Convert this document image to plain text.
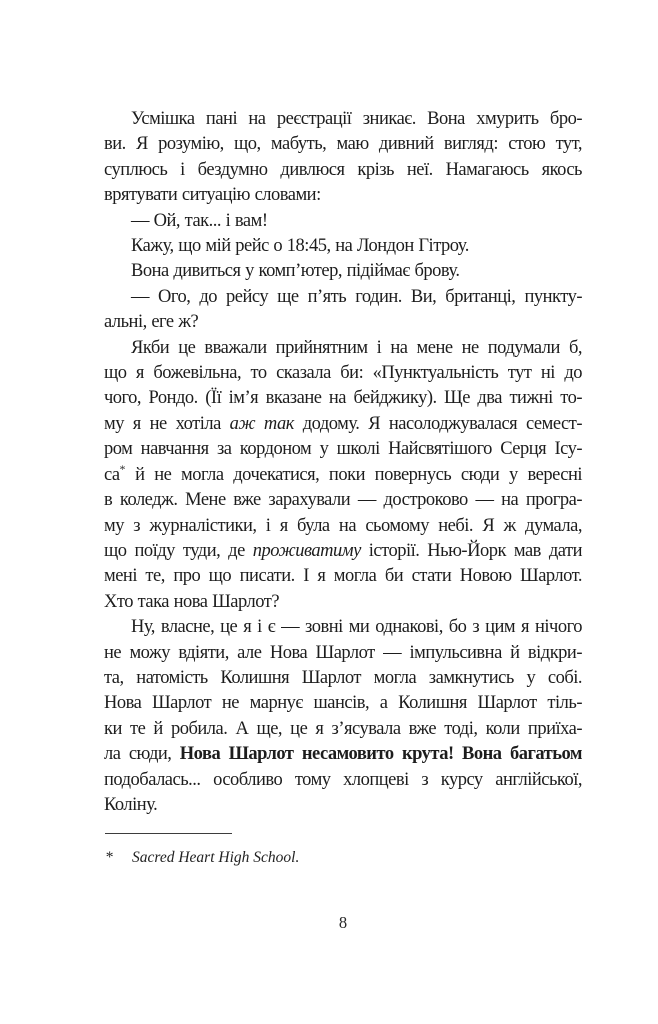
Усмішка пані на реєстрації зникає. Вона хмурить бро-
ви. Я розумію, що, мабуть, маю дивний вигляд: стою тут,
суплюсь і бездумно дивлюся крізь неї. Намагаюсь якось
врятувати ситуацію словами:
— Ой, так... і вам!
Кажу, що мій рейс о 18:45, на Лондон Гітроу.
Вона дивиться у комп’ютер, підіймає брову.
— Ого, до рейсу ще п’ять годин. Ви, британці, пункту-
альні, еге ж?
Якби це вважали прийнятним і на мене не подумали б,
що я божевільна, то сказала би: «Пунктуальність тут ні до
чого, Рондо. (Її ім’я вказане на бейджику). Ще два тижні то-
му я не хотіла аж так додому. Я насолоджувалася семест-
ром навчання за кордоном у школі Найсвятішого Серця Ісу-
са* й не могла дочекатися, поки повернусь сюди у вересні
в коледж. Мене вже зарахували — достроково — на програ-
му з журналістики, і я була на сьомому небі. Я ж думала,
що поїду туди, де проживатиму історії. Нью-Йорк мав дати
мені те, про що писати. І я могла би стати Новою Шарлот.
Хто така нова Шарлот?
Ну, власне, це я і є — зовні ми однакові, бо з цим я нічого
не можу вдіяти, але Нова Шарлот — імпульсивна й відкри-
та, натомість Колишня Шарлот могла замкнутись у собі.
Нова Шарлот не марнує шансів, а Колишня Шарлот тіль-
ки те й робила. А ще, це я з’ясувала вже тоді, коли приїха-
ла сюди, Нова Шарлот несамовито крута! Вона багатьом
подобалась... особливо тому хлопцеві з курсу англійської,
Коліну.
* Sacred Heart High School.
8
